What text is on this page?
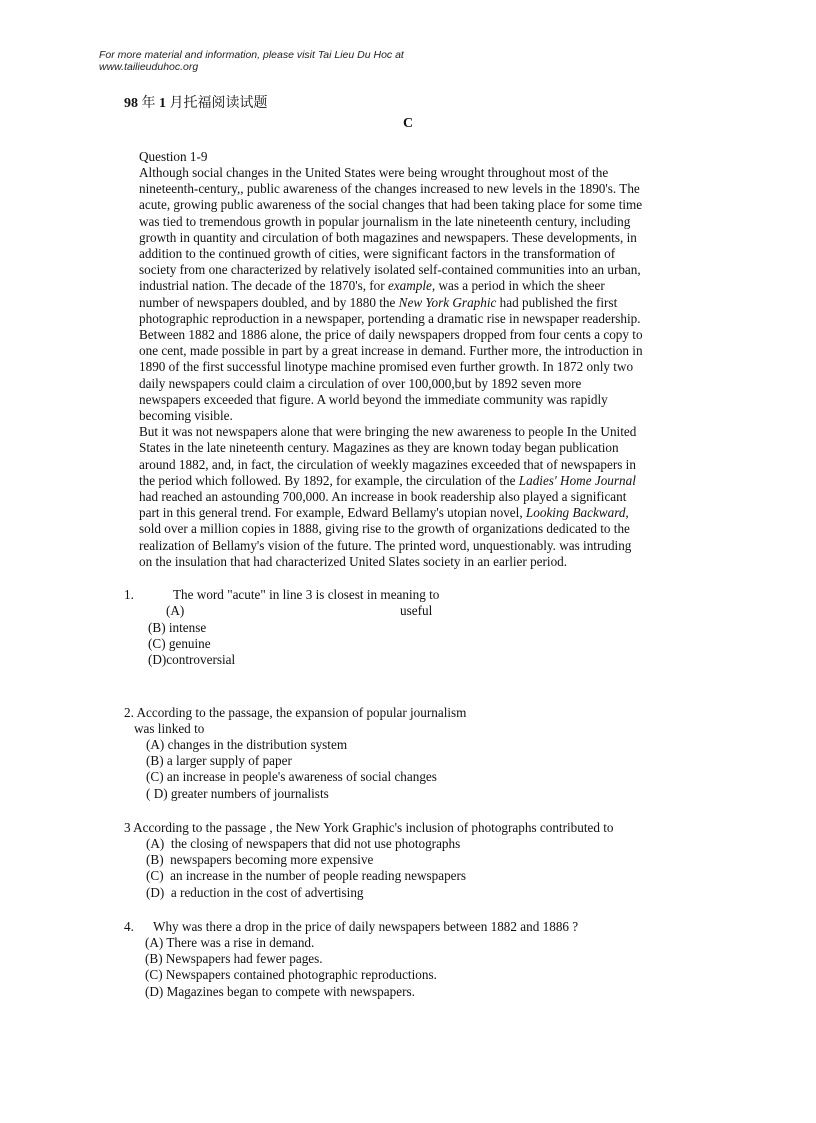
For more material and information, please visit Tai Lieu Du Hoc at
www.tailieuduhoc.org
98 年 1 月托福阅读试题
C
Question 1-9
Although social changes in the United States were being wrought throughout most of the
nineteenth-century,, public awareness of the changes increased to new levels in the 1890's. The
acute, growing public awareness of the social changes that had been taking place for some time
was tied to tremendous growth in popular journalism in the late nineteenth century, including
growth in quantity and circulation of both magazines and newspapers. These developments, in
addition to the continued growth of cities, were significant factors in the transformation of
society from one characterized by relatively isolated self-contained communities into an urban,
industrial nation. The decade of the 1870's, for example, was a period in which the sheer
number of newspapers doubled, and by 1880 the New York Graphic had published the first
photographic reproduction in a newspaper, portending a dramatic rise in newspaper readership.
Between 1882 and 1886 alone, the price of daily newspapers dropped from four cents a copy to
one cent, made possible in part by a great increase in demand. Further more, the introduction in
1890 of the first successful linotype machine promised even further growth. In 1872 only two
daily newspapers could claim a circulation of over 100,000,but by 1892 seven more
newspapers exceeded that figure. A world beyond the immediate community was rapidly
becoming visible.
But it was not newspapers alone that were bringing the new awareness to people In the United
States in the late nineteenth century. Magazines as they are known today began publication
around 1882, and, in fact, the circulation of weekly magazines exceeded that of newspapers in
the period which followed. By 1892, for example, the circulation of the Ladies' Home Journal
had reached an astounding 700,000. An increase in book readership also played a significant
part in this general trend. For example, Edward Bellamy's utopian novel, Looking Backward,
sold over a million copies in 1888, giving rise to the growth of organizations dedicated to the
realization of Bellamy's vision of the future. The printed word, unquestionably. was intruding
on the insulation that had characterized United Slates society in an earlier period.
1.	The word "acute" in line 3 is closest in meaning to
(A)	useful
(B) intense
(C) genuine
(D)controversial
2. According to the passage, the expansion of popular journalism
was linked to
(A) changes in the distribution system
(B) a larger supply of paper
(C) an increase in people's awareness of social changes
( D) greater numbers of journalists
3 According to the passage , the New York Graphic's inclusion of photographs contributed to
(A)  the closing of newspapers that did not use photographs
(B)  newspapers becoming more expensive
(C)  an increase in the number of people reading newspapers
(D)  a reduction in the cost of advertising
4. Why was there a drop in the price of daily newspapers between 1882 and 1886 ?
(A) There was a rise in demand.
(B) Newspapers had fewer pages.
(C) Newspapers contained photographic reproductions.
(D) Magazines began to compete with newspapers.
